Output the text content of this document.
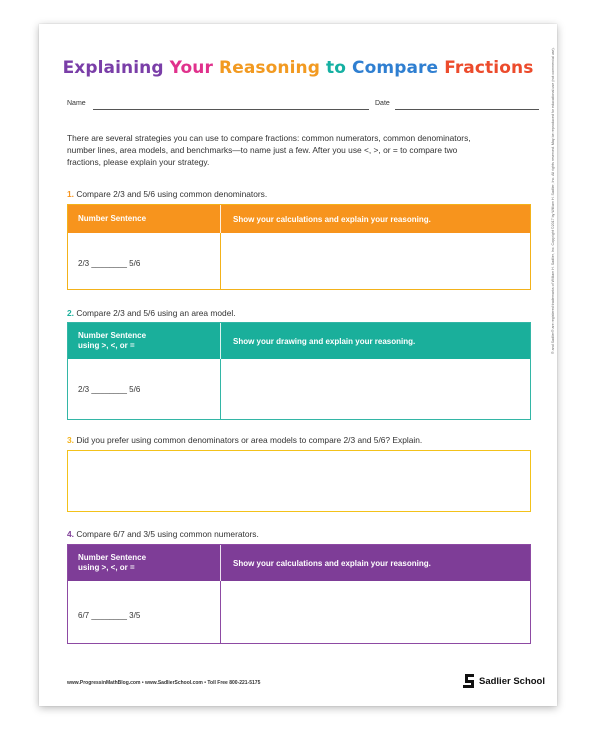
Explaining Your Reasoning to Compare Fractions
Name	Date
There are several strategies you can use to compare fractions: common numerators, common denominators, number lines, area models, and benchmarks—to name just a few. After you use <, >, or = to compare two fractions, please explain your strategy.
1. Compare 2/3 and 5/6 using common denominators.
Number Sentence	Show your calculations and explain your reasoning.
2/3 ________ 5/6
2. Compare 2/3 and 5/6 using an area model.
Number Sentence
using >, <, or =	Show your drawing and explain your reasoning.
2/3 ________ 5/6
3. Did you prefer using common denominators or area models to compare 2/3 and 5/6? Explain.
4. Compare 6/7 and 3/5 using common numerators.
Number Sentence
using >, <, or =	Show your calculations and explain your reasoning.
6/7 ________ 3/5
® and Sadlier® are registered trademarks of William H. Sadlier, Inc. Copyright ©2017 by William H. Sadlier, Inc. All rights reserved. May be reproduced for educational use (not commercial use).
www.ProgressinMathBlog.com • www.SadlierSchool.com • Toll Free 800-221-5175	Sadlier School
